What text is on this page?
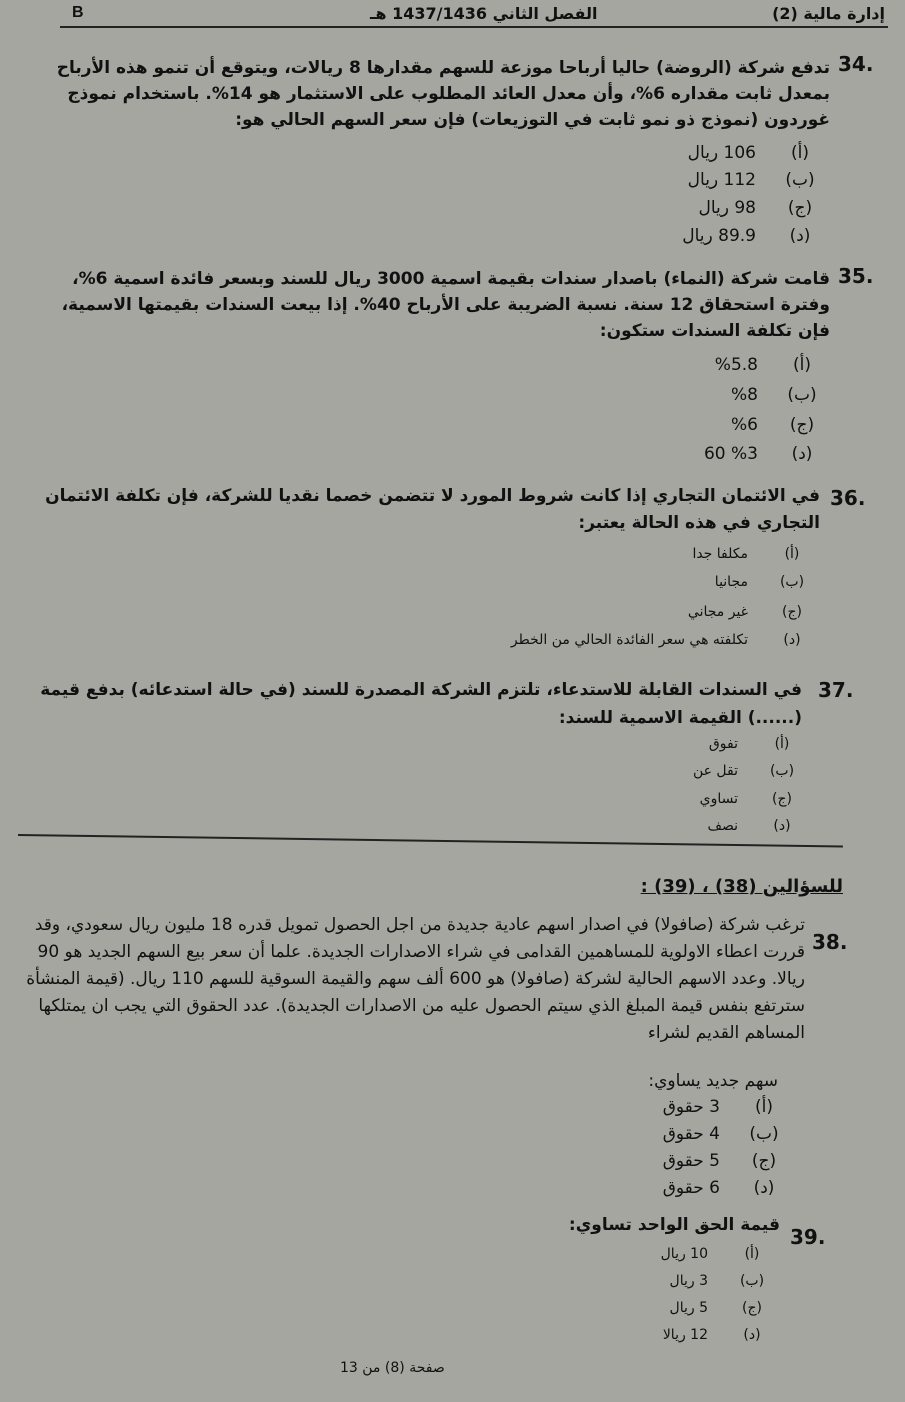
إدارة مالية (2)
الفصل الثاني 1437/1436 هـ
B
34.
تدفع شركة (الروضة) حاليا أرباحا موزعة للسهم مقدارها 8 ريالات، ويتوقع أن تنمو هذه الأرباح بمعدل ثابت مقداره 6%، وأن معدل العائد المطلوب على الاستثمار هو 14%. باستخدام نموذج غوردون (نموذج ذو نمو ثابت في التوزيعات) فإن سعر السهم الحالي هو:
(أ)
106 ريال
(ب)
112 ريال
(ج)
98 ريال
(د)
89.9 ريال
35.
قامت شركة (النماء) باصدار سندات بقيمة اسمية 3000 ريال للسند وبسعر فائدة اسمية 6%، وفترة استحقاق 12 سنة. نسبة الضريبة على الأرباح 40%. إذا بيعت السندات بقيمتها الاسمية، فإن تكلفة السندات ستكون:
(أ)
%5.8
(ب)
%8
(ج)
%6
(د)
%3 60
36.
في الائتمان التجاري إذا كانت شروط المورد لا تتضمن خصما نقديا للشركة، فإن تكلفة الائتمان التجاري في هذه الحالة يعتبر:
(أ)
مكلفا جدا
(ب)
مجانيا
(ج)
غير مجاني
(د)
تكلفته هي سعر الفائدة الحالي من الخطر
37.
في السندات القابلة للاستدعاء، تلتزم الشركة المصدرة للسند (في حالة استدعائه) بدفع قيمة (......) القيمة الاسمية للسند:
(أ)
تفوق
(ب)
تقل عن
(ج)
تساوي
(د)
نصف
للسؤالين (38) ، (39) :
38.
ترغب شركة (صافولا) في اصدار اسهم عادية جديدة من اجل الحصول تمويل قدره 18 مليون ريال سعودي، وقد قررت اعطاء الاولوية للمساهمين القدامى في شراء الاصدارات الجديدة. علما أن سعر بيع السهم الجديد هو 90 ريالا. وعدد الاسهم الحالية لشركة (صافولا) هو 600 ألف سهم والقيمة السوقية للسهم 110 ريال. (قيمة المنشأة سترتفع بنفس قيمة المبلغ الذي سيتم الحصول عليه من الاصدارات الجديدة). عدد الحقوق التي يجب ان يمتلكها المساهم القديم لشراء
سهم جديد يساوي:
(أ)
3 حقوق
(ب)
4 حقوق
(ج)
5 حقوق
(د)
6 حقوق
39.
قيمة الحق الواحد تساوي:
(أ)
10 ريال
(ب)
3 ريال
(ج)
5 ريال
(د)
12 ريالا
صفحة (8) من 13
